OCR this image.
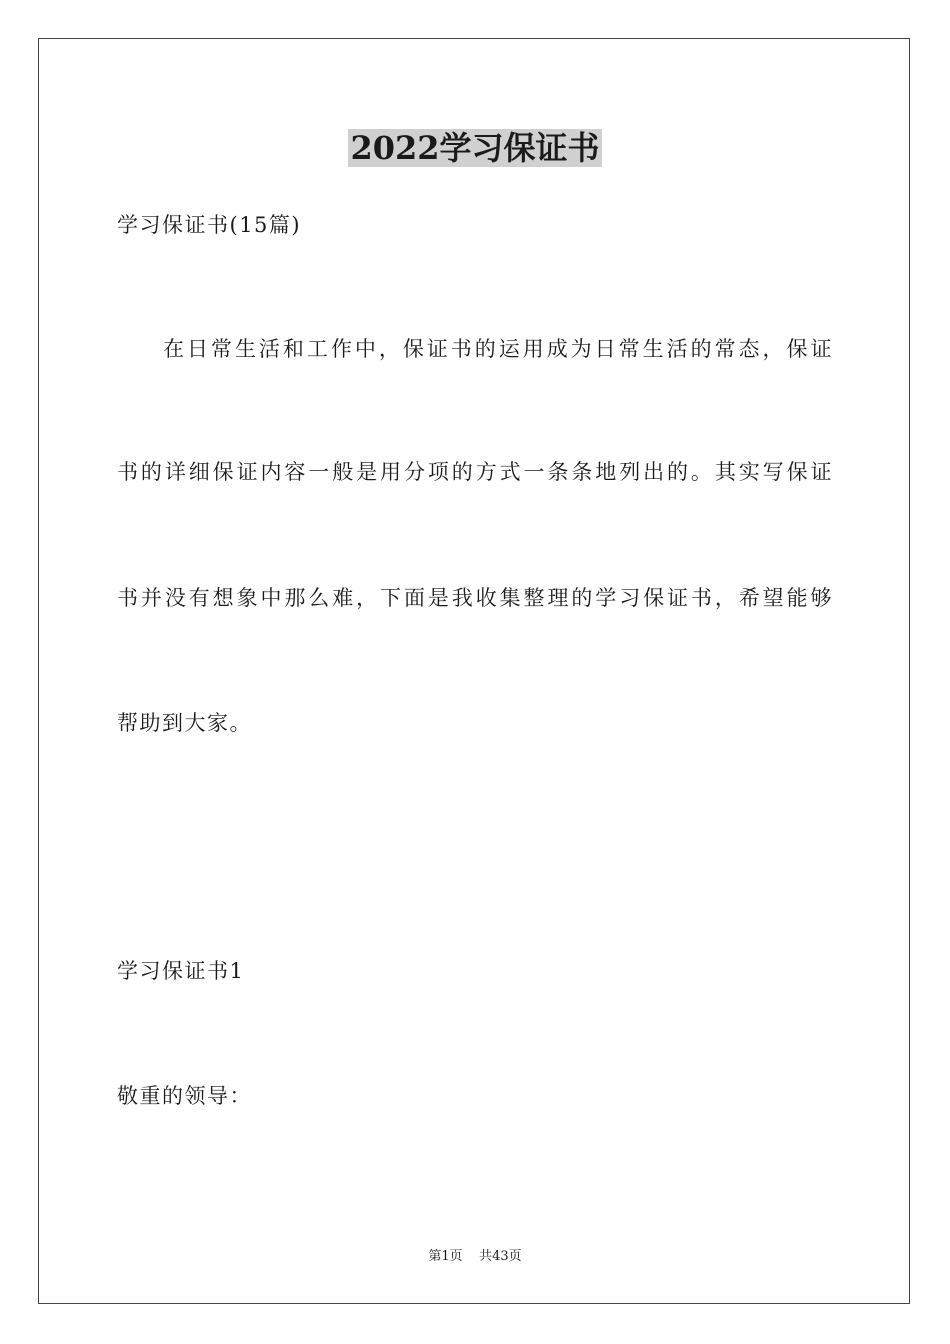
2022学习保证书

学习保证书(15篇)

在日常生活和工作中，保证书的运用成为日常生活的常态，保证

书的详细保证内容一般是用分项的方式一条条地列出的。其实写保证

书并没有想象中那么难，下面是我收集整理的学习保证书，希望能够

帮助到大家。

学习保证书1

敬重的领导：

第1页 共43页
